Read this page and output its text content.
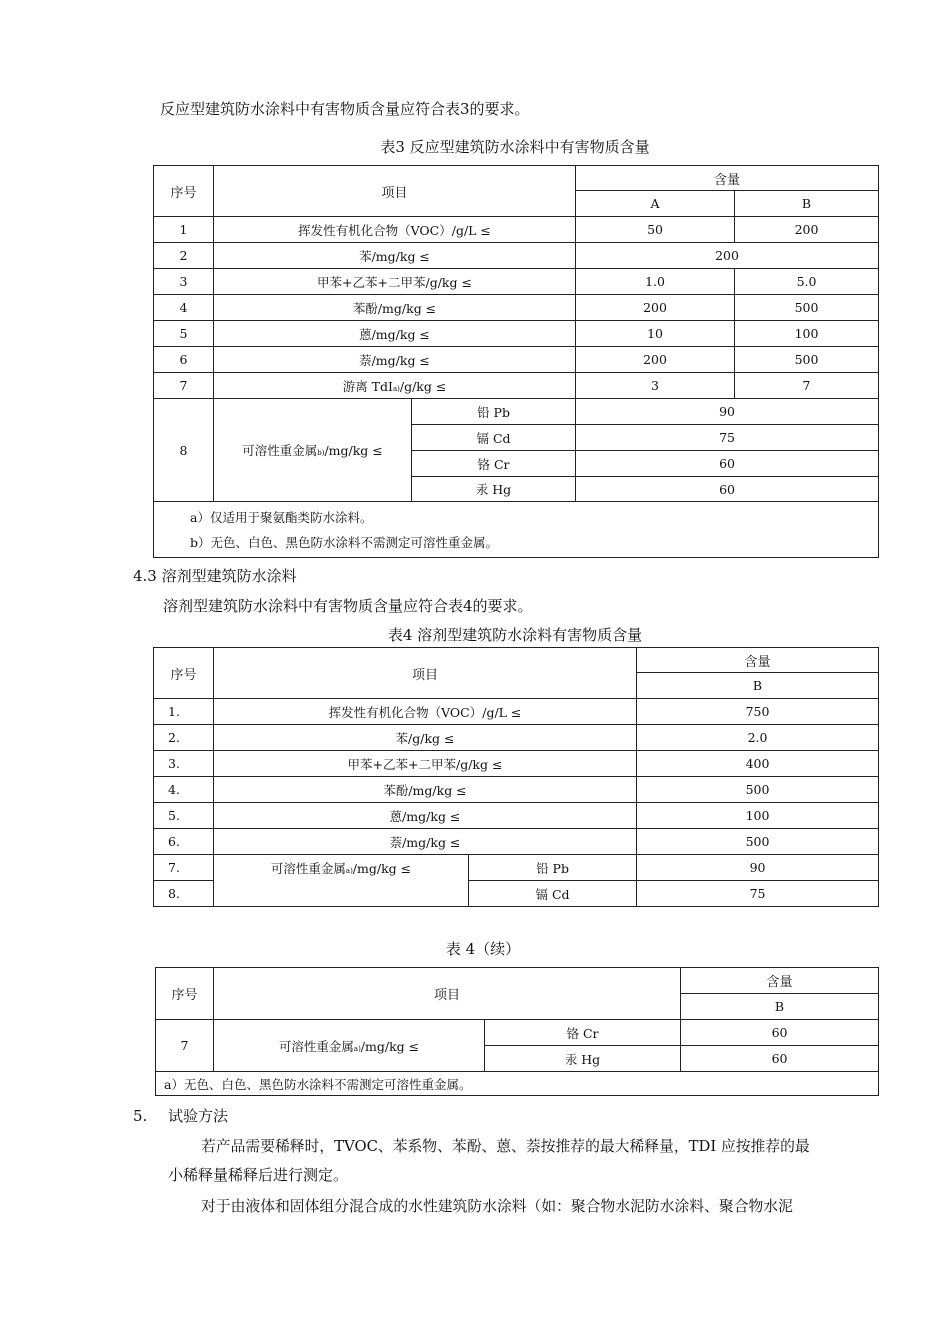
反应型建筑防水涂料中有害物质含量应符合表3的要求。
表3 反应型建筑防水涂料中有害物质含量
序号	项目		含量	
			A	B
1	挥发性有机化合物（VOC）/g/L ≤		50	200
2	苯/mg/kg ≤		200	
3	甲苯+乙苯+二甲苯/g/kg ≤		1.0	5.0
4	苯酚/mg/kg ≤		200	500
5	蒽/mg/kg ≤		10	100
6	萘/mg/kg ≤		200	500
7	游离 TdIa)/g/kg ≤		3	7
8	可溶性重金属b)/mg/kg ≤	铅 Pb	90	
		镉 Cd	75	
		铬 Cr	60	
		汞 Hg	60	

a）仅适用于聚氨酯类防水涂料。
b）无色、白色、黑色防水涂料不需测定可溶性重金属。				
4.3 溶剂型建筑防水涂料
溶剂型建筑防水涂料中有害物质含量应符合表4的要求。
表4 溶剂型建筑防水涂料有害物质含量
序号	项目		含量
			B
1.	挥发性有机化合物（VOC）/g/L ≤		750
2.	苯/g/kg ≤		2.0
3.	甲苯+乙苯+二甲苯/g/kg ≤		400
4.	苯酚/mg/kg ≤		500
5.	蒽/mg/kg ≤		100
6.	萘/mg/kg ≤		500
7.	可溶性重金属a)/mg/kg ≤	铅 Pb	90
8.		镉 Cd	75
表 4（续）
序号	项目		含量
			B
7	可溶性重金属a)/mg/kg ≤	铬 Cr	60
		汞 Hg	60
a）无色、白色、黑色防水涂料不需测定可溶性重金属。			
5. 试验方法
若产品需要稀释时，TVOC、苯系物、苯酚、蒽、萘按推荐的最大稀释量，TDI 应按推荐的最
小稀释量稀释后进行测定。
对于由液体和固体组分混合成的水性建筑防水涂料（如：聚合物水泥防水涂料、聚合物水泥
